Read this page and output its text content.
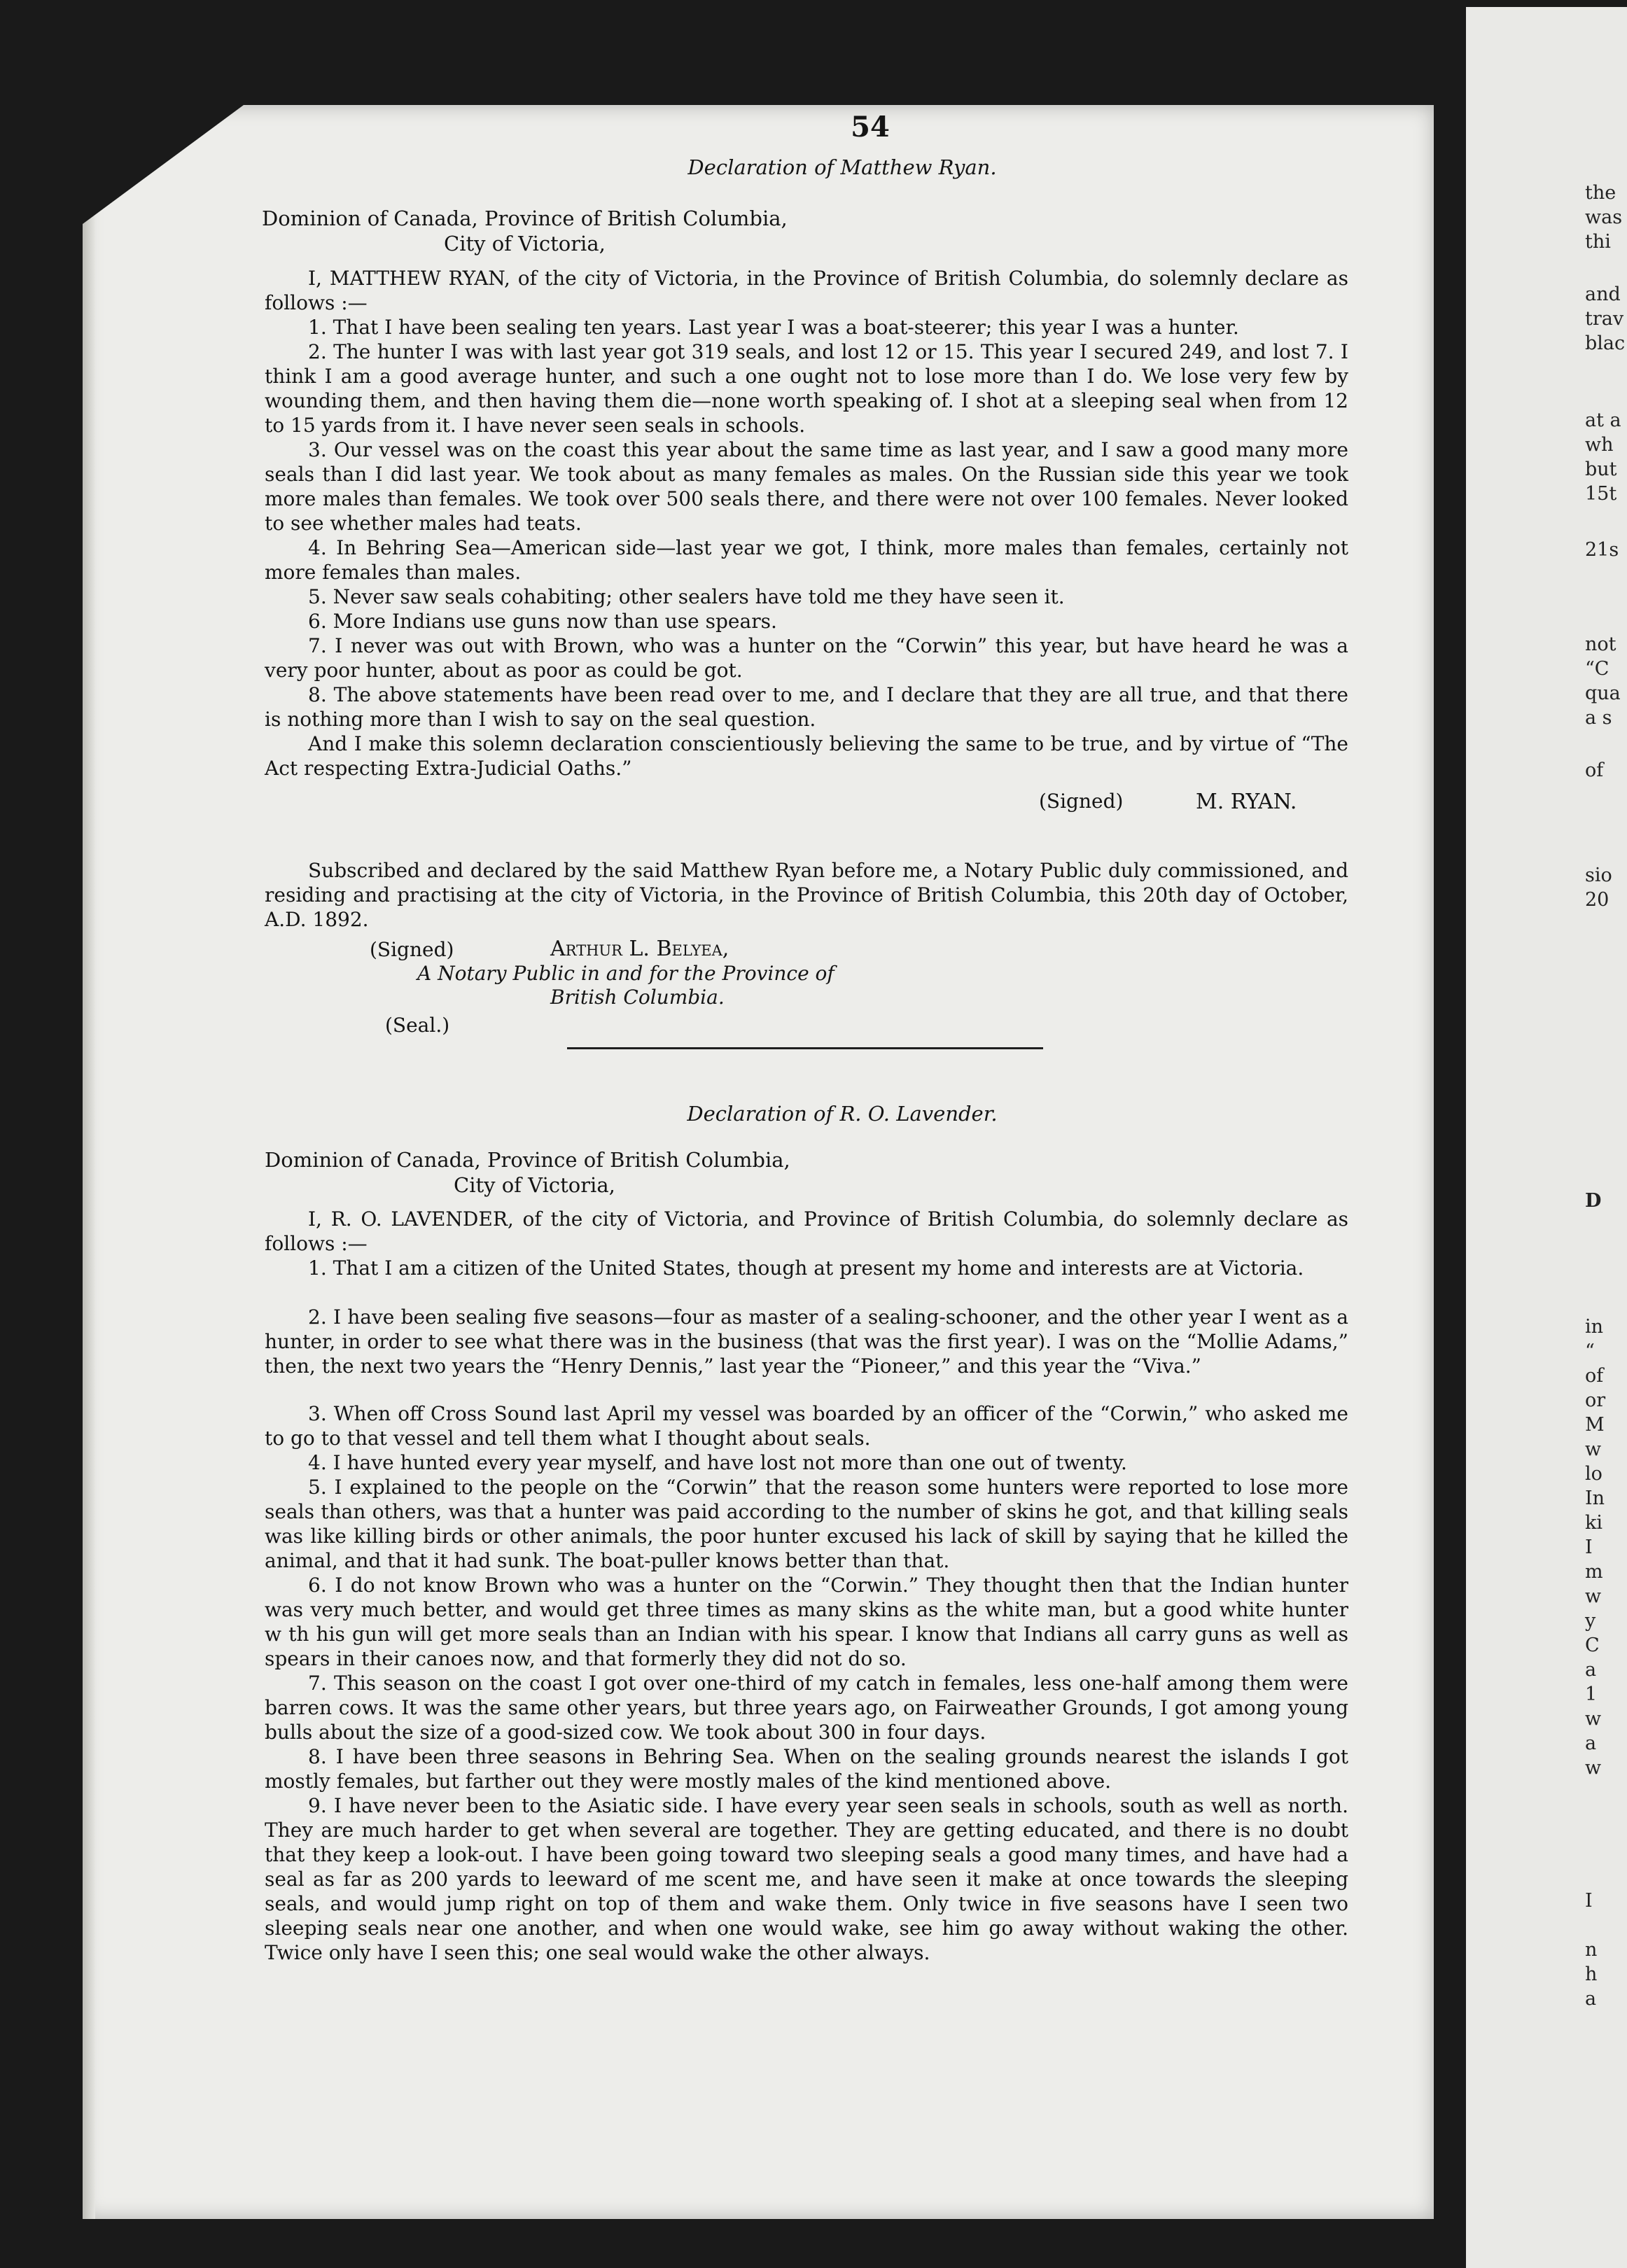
54
Declaration of Matthew Ryan.
Dominion of Canada, Province of British Columbia,
City of Victoria,
I, MATTHEW RYAN, of the city of Victoria, in the Province of British Columbia, do solemnly declare as follows :—
1. That I have been sealing ten years. Last year I was a boat-steerer; this year I was a hunter.
2. The hunter I was with last year got 319 seals, and lost 12 or 15. This year I secured 249, and lost 7. I think I am a good average hunter, and such a one ought not to lose more than I do. We lose very few by wounding them, and then having them die—none worth speaking of. I shot at a sleeping seal when from 12 to 15 yards from it. I have never seen seals in schools.
3. Our vessel was on the coast this year about the same time as last year, and I saw a good many more seals than I did last year. We took about as many females as males. On the Russian side this year we took more males than females. We took over 500 seals there, and there were not over 100 females. Never looked to see whether males had teats.
4. In Behring Sea—American side—last year we got, I think, more males than females, certainly not more females than males.
5. Never saw seals cohabiting; other sealers have told me they have seen it.
6. More Indians use guns now than use spears.
7. I never was out with Brown, who was a hunter on the “Corwin” this year, but have heard he was a very poor hunter, about as poor as could be got.
8. The above statements have been read over to me, and I declare that they are all true, and that there is nothing more than I wish to say on the seal question.
And I make this solemn declaration conscientiously believing the same to be true, and by virtue of “The Act respecting Extra-Judicial Oaths.”
(Signed)	M. RYAN.
Subscribed and declared by the said Matthew Ryan before me, a Notary Public duly commissioned, and residing and practising at the city of Victoria, in the Province of British Columbia, this 20th day of October, A.D. 1892.
(Signed)	Arthur L. Belyea,
A Notary Public in and for the Province of
British Columbia.
(Seal.)
Declaration of R. O. Lavender.
Dominion of Canada, Province of British Columbia,
City of Victoria,
I, R. O. LAVENDER, of the city of Victoria, and Province of British Columbia, do solemnly declare as follows :—
1. That I am a citizen of the United States, though at present my home and interests are at Victoria.
2. I have been sealing five seasons—four as master of a sealing-schooner, and the other year I went as a hunter, in order to see what there was in the business (that was the first year). I was on the “Mollie Adams,” then, the next two years the “Henry Dennis,” last year the “Pioneer,” and this year the “Viva.”
3. When off Cross Sound last April my vessel was boarded by an officer of the “Corwin,” who asked me to go to that vessel and tell them what I thought about seals.
4. I have hunted every year myself, and have lost not more than one out of twenty.
5. I explained to the people on the “Corwin” that the reason some hunters were reported to lose more seals than others, was that a hunter was paid according to the number of skins he got, and that killing seals was like killing birds or other animals, the poor hunter excused his lack of skill by saying that he killed the animal, and that it had sunk. The boat-puller knows better than that.
6. I do not know Brown who was a hunter on the “Corwin.” They thought then that the Indian hunter was very much better, and would get three times as many skins as the white man, but a good white hunter w th his gun will get more seals than an Indian with his spear. I know that Indians all carry guns as well as spears in their canoes now, and that formerly they did not do so.
7. This season on the coast I got over one-third of my catch in females, less one-half among them were barren cows. It was the same other years, but three years ago, on Fairweather Grounds, I got among young bulls about the size of a good-sized cow. We took about 300 in four days.
8. I have been three seasons in Behring Sea. When on the sealing grounds nearest the islands I got mostly females, but farther out they were mostly males of the kind mentioned above.
9. I have never been to the Asiatic side. I have every year seen seals in schools, south as well as north. They are much harder to get when several are together. They are getting educated, and there is no doubt that they keep a look-out. I have been going toward two sleeping seals a good many times, and have had a seal as far as 200 yards to leeward of me scent me, and have seen it make at once towards the sleeping seals, and would jump right on top of them and wake them. Only twice in five seasons have I seen two sleeping seals near one another, and when one would wake, see him go away without waking the other. Twice only have I seen this; one seal would wake the other always.
the
was
thi
and
trav
blac
at a
wh
but
15t
21s
not
“C
qua
a s
of
sio
20
D
in
“
of
or
M
w
lo
In
ki
I
m
w
y
C
a
1
w
a
w
I
n
h
a
